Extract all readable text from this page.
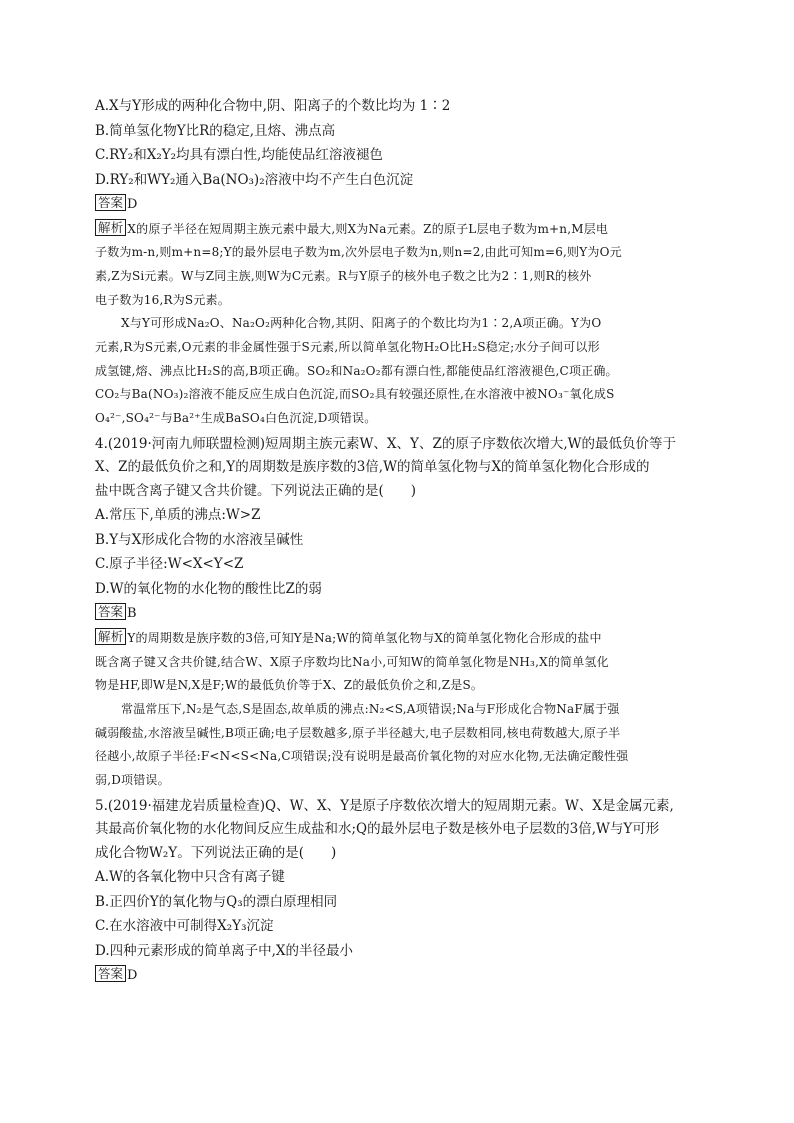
A.X与Y形成的两种化合物中,阴、阳离子的个数比均为 1∶2
B.简单氢化物Y比R的稳定,且熔、沸点高
C.RY₂和X₂Y₂均具有漂白性,均能使品红溶液褪色
D.RY₂和WY₂通入Ba(NO₃)₂溶液中均不产生白色沉淀
答案 D
解析 X的原子半径在短周期主族元素中最大,则X为Na元素。Z的原子L层电子数为m+n,M层电
子数为m-n,则m+n=8;Y的最外层电子数为m,次外层电子数为n,则n=2,由此可知m=6,则Y为O元
素,Z为Si元素。W与Z同主族,则W为C元素。R与Y原子的核外电子数之比为2∶1,则R的核外
电子数为16,R为S元素。
X与Y可形成Na₂O、Na₂O₂两种化合物,其阴、阳离子的个数比均为1∶2,A项正确。Y为O
元素,R为S元素,O元素的非金属性强于S元素,所以简单氢化物H₂O比H₂S稳定;水分子间可以形
成氢键,熔、沸点比H₂S的高,B项正确。SO₂和Na₂O₂都有漂白性,都能使品红溶液褪色,C项正确。
CO₂与Ba(NO₃)₂溶液不能反应生成白色沉淀,而SO₂具有较强还原性,在水溶液中被NO₃⁻氧化成S
O₄²⁻,SO₄²⁻与Ba²⁺生成BaSO₄白色沉淀,D项错误。
4.(2019·河南九师联盟检测)短周期主族元素W、X、Y、Z的原子序数依次增大,W的最低负价等于
X、Z的最低负价之和,Y的周期数是族序数的3倍,W的简单氢化物与X的简单氢化物化合形成的
盐中既含离子键又含共价键。下列说法正确的是(　　)
A.常压下,单质的沸点:W>Z
B.Y与X形成化合物的水溶液呈碱性
C.原子半径:W<X<Y<Z
D.W的氧化物的水化物的酸性比Z的弱
答案 B
解析 Y的周期数是族序数的3倍,可知Y是Na;W的简单氢化物与X的简单氢化物化合形成的盐中
既含离子键又含共价键,结合W、X原子序数均比Na小,可知W的简单氢化物是NH₃,X的简单氢化
物是HF,即W是N,X是F;W的最低负价等于X、Z的最低负价之和,Z是S。
常温常压下,N₂是气态,S是固态,故单质的沸点:N₂<S,A项错误;Na与F形成化合物NaF属于强
碱弱酸盐,水溶液呈碱性,B项正确;电子层数越多,原子半径越大,电子层数相同,核电荷数越大,原子半
径越小,故原子半径:F<N<S<Na,C项错误;没有说明是最高价氧化物的对应水化物,无法确定酸性强
弱,D项错误。
5.(2019·福建龙岩质量检查)Q、W、X、Y是原子序数依次增大的短周期元素。W、X是金属元素,
其最高价氧化物的水化物间反应生成盐和水;Q的最外层电子数是核外电子层数的3倍,W与Y可形
成化合物W₂Y。下列说法正确的是(　　)
A.W的各氧化物中只含有离子键
B.正四价Y的氧化物与Q₃的漂白原理相同
C.在水溶液中可制得X₂Y₃沉淀
D.四种元素形成的简单离子中,X的半径最小
答案 D
